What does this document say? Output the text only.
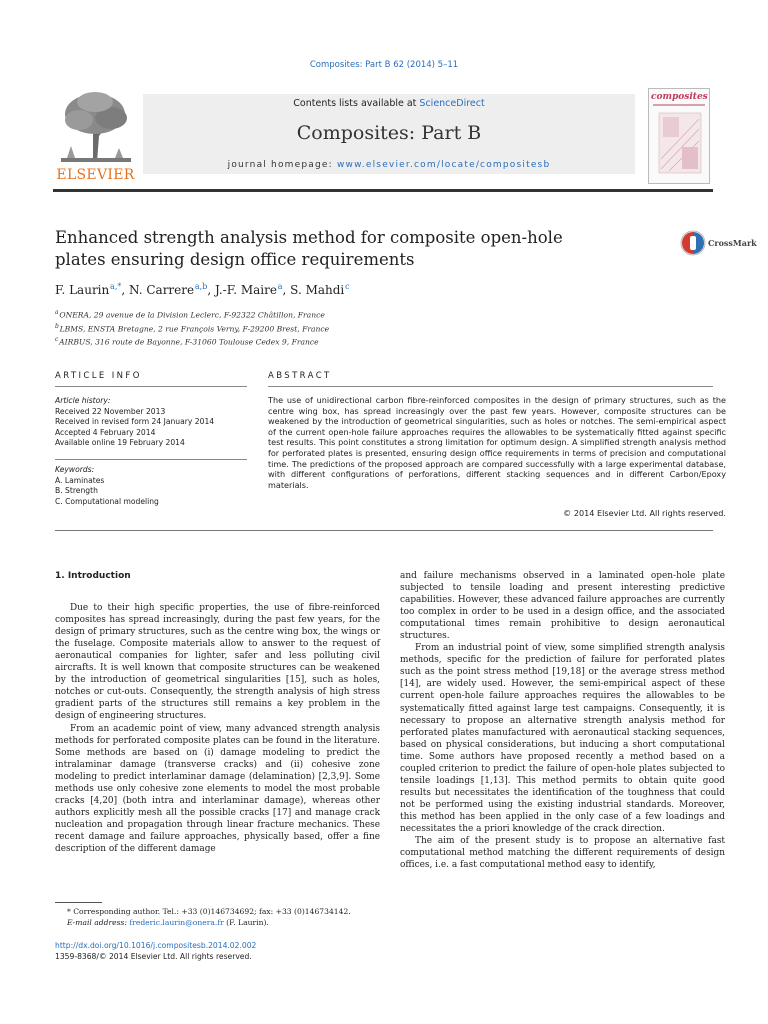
Composites: Part B 62 (2014) 5–11
ELSEVIER
Contents lists available at ScienceDirect
Composites: Part B
journal homepage: www.elsevier.com/locate/compositesb
composites
Enhanced strength analysis method for composite open-hole plates ensuring design office requirements
CrossMark
F. Laurin $^{a,*}$, N. Carrere $^{a,b}$, J.-F. Maire $^a$, S. Mahdi $^c$
$^a$ ONERA, 29 avenue de la Division Leclerc, F-92322 Châtillon, France
$^b$ LBMS, ENSTA Bretagne, 2 rue François Verny, F-29200 Brest, France
$^c$ AIRBUS, 316 route de Bayonne, F-31060 Toulouse Cedex 9, France
ARTICLE INFO	ABSTRACT
Article history:
Received 22 November 2013
Received in revised form 24 January 2014
Accepted 4 February 2014
Available online 19 February 2014
Keywords:
A. Laminates
B. Strength
C. Computational modeling

The use of unidirectional carbon fibre-reinforced composites in the design of primary structures, such as the centre wing box, has spread increasingly over the past few years. However, composite structures can be weakened by the introduction of geometrical singularities, such as holes or notches. The semi-empirical aspect of the current open-hole failure approaches requires the allowables to be systematically fitted against specific test results. This point constitutes a strong limitation for optimum design. A simplified strength analysis method for perforated plates is presented, ensuring design office requirements in terms of precision and computational time. The predictions of the proposed approach are compared successfully with a large experimental database, with different configurations of perforations, different stacking sequences and in different Carbon/Epoxy materials.

© 2014 Elsevier Ltd. All rights reserved.
1. Introduction

Due to their high specific properties, the use of fibre-reinforced composites has spread increasingly, during the past few years, for the design of primary structures, such as the centre wing box, the wings or the fuselage. Composite materials allow to answer to the request of aeronautical companies for lighter, safer and less polluting civil aircrafts. It is well known that composite structures can be weakened by the introduction of geometrical singularities [15], such as holes, notches or cut-outs. Consequently, the strength analysis of high stress gradient parts of the structures still remains a key problem in the design of engineering structures.

From an academic point of view, many advanced strength analysis methods for perforated composite plates can be found in the literature. Some methods are based on (i) damage modeling to predict the intralaminar damage (transverse cracks) and (ii) cohesive zone modeling to predict interlaminar damage (delamination) [2,3,9]. Some methods use only cohesive zone elements to model the most probable cracks [4,20] (both intra and interlaminar damage), whereas other authors explicitly mesh all the possible cracks [17] and manage crack nucleation and propagation through linear fracture mechanics. These recent damage and failure approaches, physically based, offer a fine description of the different damage

and failure mechanisms observed in a laminated open-hole plate subjected to tensile loading and present interesting predictive capabilities. However, these advanced failure approaches are currently too complex in order to be used in a design office, and the associated computational times remain prohibitive to design aeronautical structures.

From an industrial point of view, some simplified strength analysis methods, specific for the prediction of failure for perforated plates such as the point stress method [19,18] or the average stress method [14], are widely used. However, the semi-empirical aspect of these current open-hole failure approaches requires the allowables to be systematically fitted against large test campaigns. Consequently, it is necessary to propose an alternative strength analysis method for perforated plates manufactured with aeronautical stacking sequences, based on physical considerations, but inducing a short computational time. Some authors have proposed recently a method based on a coupled criterion to predict the failure of open-hole plates subjected to tensile loadings [1,13]. This method permits to obtain quite good results but necessitates the identification of the toughness that could not be performed using the existing industrial standards. Moreover, this method has been applied in the only case of a few loadings and necessitates the a priori knowledge of the crack direction.

The aim of the present study is to propose an alternative fast computational method matching the different requirements of design offices, i.e. a fast computational method easy to identify,

* Corresponding author. Tel.: +33 (0)146734692; fax: +33 (0)146734142.

E-mail address: frederic.laurin@onera.fr (F. Laurin).

http://dx.doi.org/10.1016/j.compositesb.2014.02.002
1359-8368/© 2014 Elsevier Ltd. All rights reserved.
